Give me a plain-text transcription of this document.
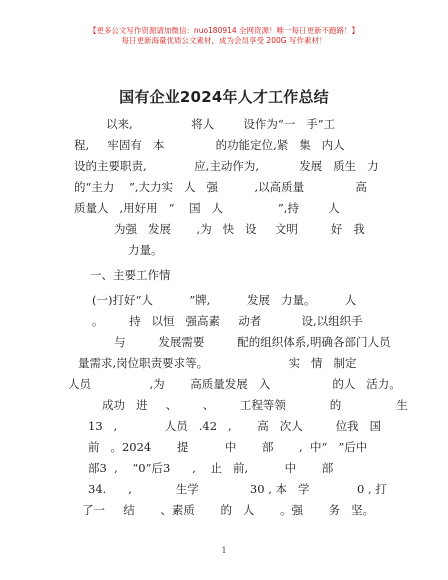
【更多公文写作资源请加微信：nuo180914 全网资源！唯一每日更新不跑路！】
每日更新海量优质公文素材，成为会员享受 200G 写作素材！
国有企业2024年人才工作总结
以来,                将人        设作为“一   手”工
程,     牢固有   本              的功能定位,紧   集   内人
设的主要职责,             应,主动作为,           发展   质生   力
的“主力    ”,大力实   人   强          ,以高质量              高
质量人   ,用好用   “    国   人               ”,持        人
为强   发展       ,为   快   设     文明         好   我
力量。
一、主要工作情
(一)打好“人          ”牌,          发展   力量。        人
。       持   以恒   强高素     动者           设,以组织手
与         发展需要         配的组织体系,明确各部门人员
量需求,岗位职责要求等。                      实   情   制定
人员                ,为       高质量发展   入                 的人   活力。
成功   进     、       、       工程等领            的               生
13   ,             人员   .42   ,       高   次人         位我   国
前   。2024       提          中       部       ,  中“   ”后中
部3  ,    “0”后3      ,    止   前,          中       部
34.      ,            生学              30 , 本   学             0 , 打
了一     结       、素质       的   人       。强       务   坚。
1
